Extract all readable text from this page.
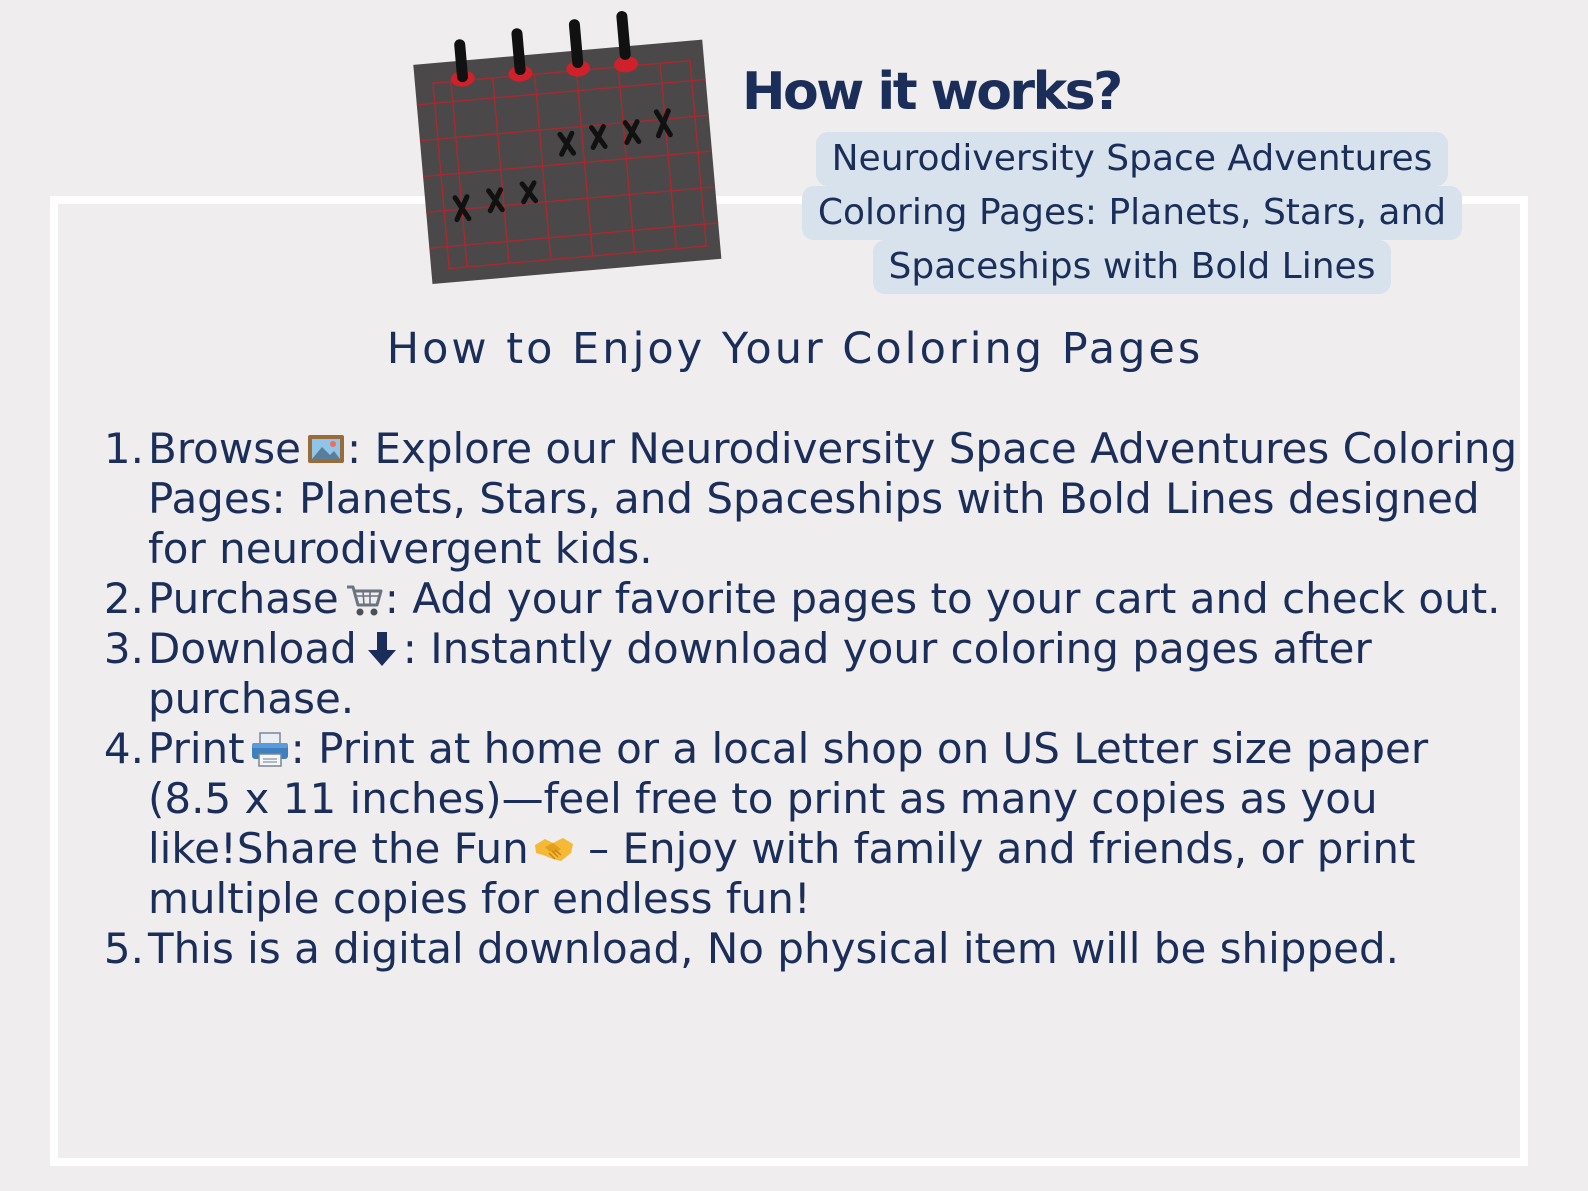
How it works?
Neurodiversity Space Adventures
Coloring Pages: Planets, Stars, and
Spaceships with Bold Lines
How to Enjoy Your Coloring Pages
1. Browse : Explore our Neurodiversity Space Adventures Coloring Pages: Planets, Stars, and Spaceships with Bold Lines designed for neurodivergent kids.
2. Purchase : Add your favorite pages to your cart and check out.
3. Download : Instantly download your coloring pages after purchase.
4. Print : Print at home or a local shop on US Letter size paper (8.5 x 11 inches)—feel free to print as many copies as you like!Share the Fun
– Enjoy with family and friends, or print multiple copies for endless fun!
5. This is a digital download, No physical item will be shipped.
